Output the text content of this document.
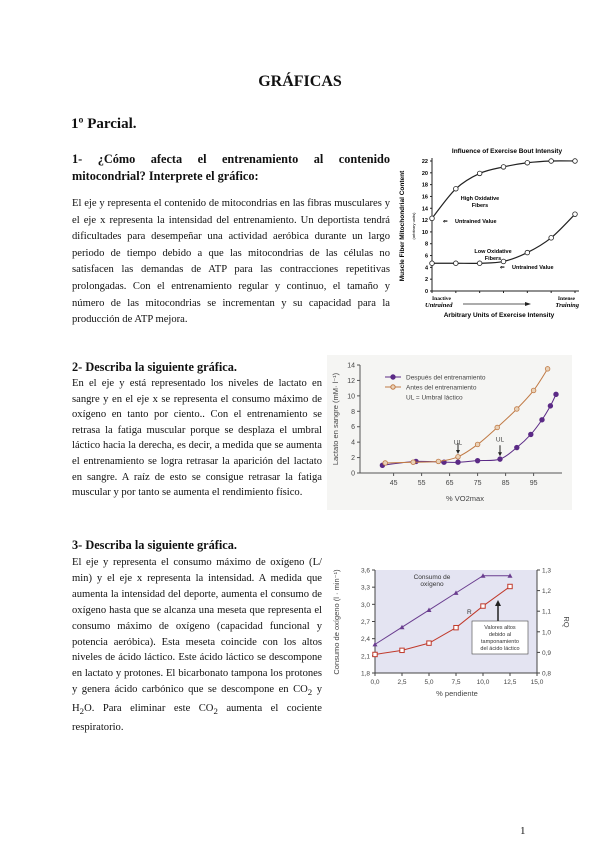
GRÁFICAS

1º Parcial.

1- ¿Cómo afecta el entrenamiento al contenido mitocondrial? Interprete el gráfico:

El eje y representa el contenido de mitocondrias en las fibras musculares y el eje x representa la intensidad del entrenamiento. Un deportista tendrá dificultades para desempeñar una actividad aeróbica durante un largo periodo de tiempo debido a que las mitocondrias de las células no satisfacen las demandas de ATP para las contracciones repetitivas prolongadas. Con el entrenamiento regular y continuo, el tamaño y número de las mitocondrias se incrementan y su capacidad para la producción de ATP mejora.

2- Describa la siguiente gráfica.

En el eje y está representado los niveles de lactato en sangre y en el eje x se representa el consumo máximo de oxígeno en tanto por ciento.. Con el entrenamiento se retrasa la fatiga muscular porque se desplaza el umbral láctico hacia la derecha, es decir, a medida que se aumenta el entrenamiento se logra retrasar la aparición del lactato en sangre. A raíz de esto se consigue retrasar la fatiga muscular y por tanto se aumenta el rendimiento físico.

3- Describa la siguiente gráfica.

El eje y representa el consumo máximo de oxígeno (L/ min) y el eje x representa la intensidad. A medida que aumenta la intensidad del deporte, aumenta el consumo de oxígeno hasta que se alcanza una meseta que representa el consumo máximo de oxígeno (capacidad funcional y potencia aeróbica). Esta meseta coincide con los altos niveles de ácido láctico. Este ácido láctico se descompone en lactato y protones. El bicarbonato tampona los protones y genera ácido carbónico que se descompone en $CO_2$ y $H_2O$. Para eliminar este $CO_2$ aumenta el cociente respiratorio.

Influence of Exercise Bout Intensity
0
2
4
6
8
10
12
14
16
18
20
22
Muscle Fiber Mitochondrial Content (arbitrary units)
High Oxidative
Fibers
Low Oxidative
Fibers
⇐ Untrained Value
⇐ Untrained Value
Inactive
Untrained
Intense
Training
Arbitrary Units of Exercise Intensity
0
2
4
6
8
10
12
14
45	55	65	75	85	95
Lactato en sangre (mM· l⁻¹)
% VO2max
Después del entrenamiento
Antes del entrenamiento
UL = Umbral láctico
UL	UL
1,8
2,1
2,4
2,7
3,0
3,3
3,6
0,8
0,9
1,0
1,1
1,2
1,3
0,0	2,5	5,0	7,5 10,0 12,5 15,0
Consumo de oxígeno (l · min⁻¹)	RQ
% pendiente
Consumo de
oxígeno
R
Valores altos
debido al
tamponamiento
del ácido láctico
1
